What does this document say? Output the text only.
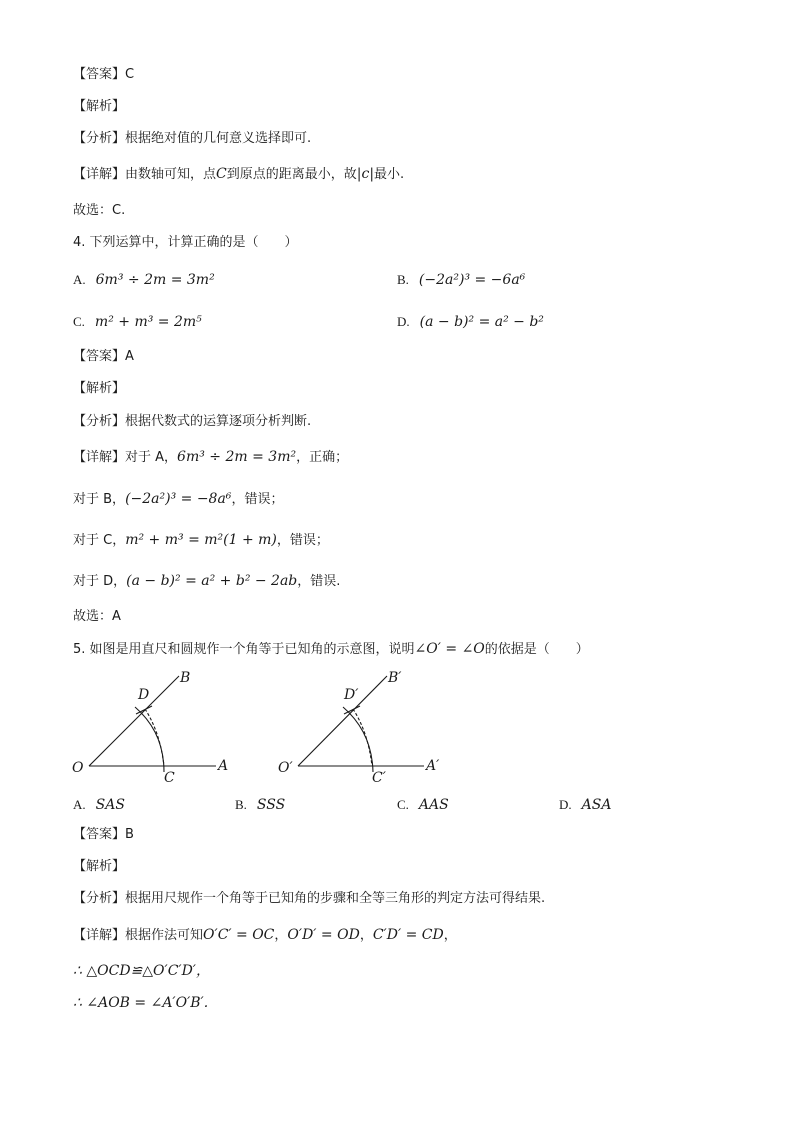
【答案】C
【解析】
【分析】根据绝对值的几何意义选择即可.
【详解】由数轴可知，点C到原点的距离最小，故|c|最小.
故选：C.
4. 下列运算中，计算正确的是（　　）
A. 6m³ ÷ 2m = 3m²	B. (−2a²)³ = −6a⁶
C. m² + m³ = 2m⁵	D. (a − b)² = a² − b²
【答案】A
【解析】
【分析】根据代数式的运算逐项分析判断.
【详解】对于 A，6m³ ÷ 2m = 3m²，正确；
对于 B，(−2a²)³ = −8a⁶，错误；
对于 C，m² + m³ = m²(1 + m)，错误；
对于 D，(a − b)² = a² + b² − 2ab，错误.
故选：A
5. 如图是用直尺和圆规作一个角等于已知角的示意图，说明∠O′ = ∠O的依据是（　　）
O	A
B
C
D
O′	A′
B′
C′
D′
A. SAS	B. SSS	C. AAS	D. ASA
【答案】B
【解析】
【分析】根据用尺规作一个角等于已知角的步骤和全等三角形的判定方法可得结果.
【详解】根据作法可知O′C′ = OC，O′D′ = OD，C′D′ = CD，
∴ △OCD≌△O′C′D′，
∴ ∠AOB = ∠A′O′B′.
